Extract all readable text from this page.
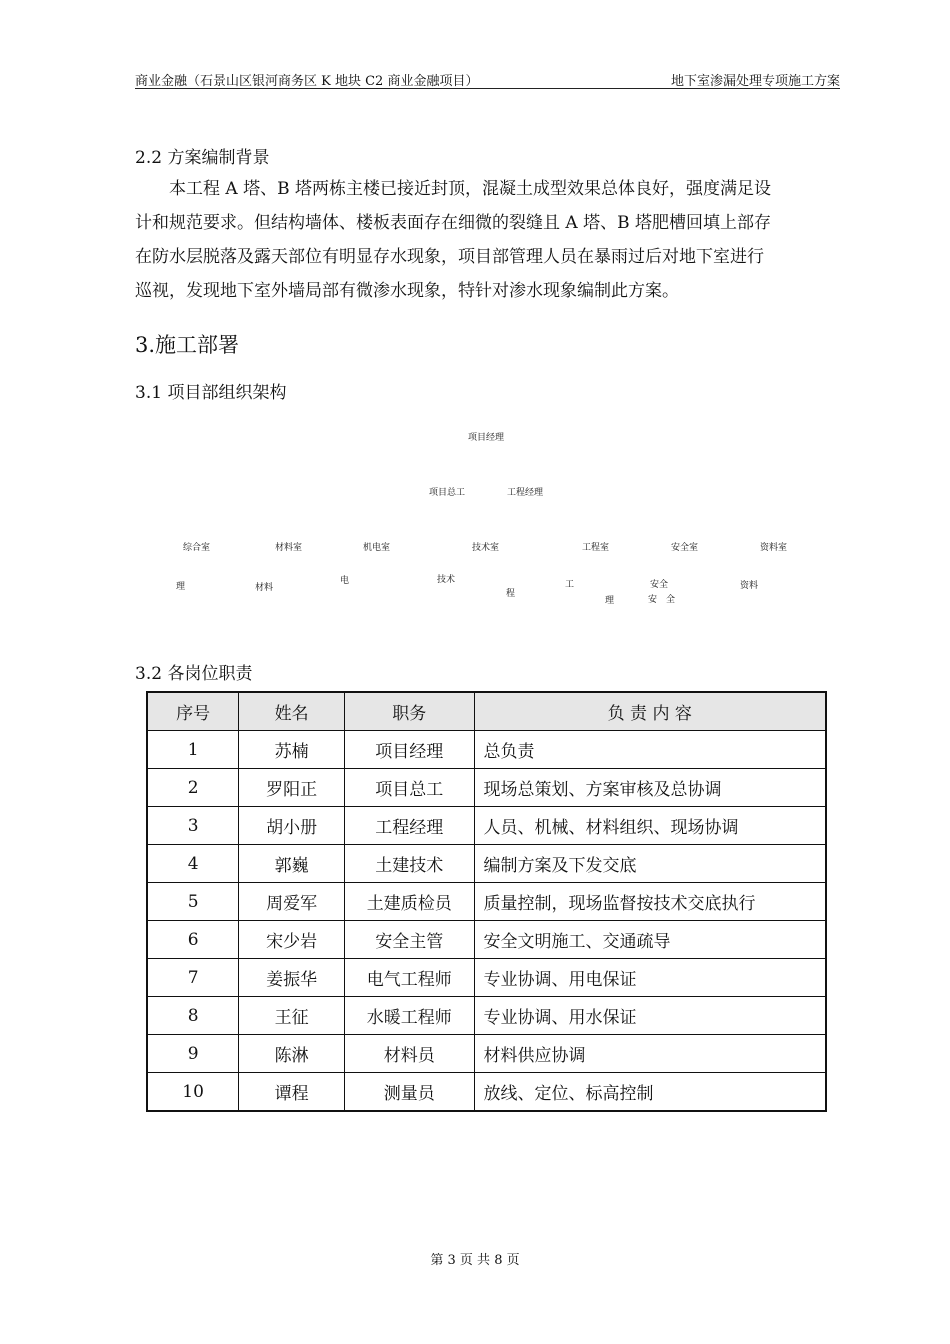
商业金融（石景山区银河商务区 K 地块 C2 商业金融项目）	地下室渗漏处理专项施工方案
2.2 方案编制背景
本工程 A 塔、B 塔两栋主楼已接近封顶，混凝土成型效果总体良好，强度满足设
计和规范要求。但结构墙体、楼板表面存在细微的裂缝且 A 塔、B 塔肥槽回填上部存
在防水层脱落及露天部位有明显存水现象，项目部管理人员在暴雨过后对地下室进行
巡视，发现地下室外墙局部有微渗水现象，特针对渗水现象编制此方案。
3.施工部署
3.1 项目部组织架构
项目经理
项目总工	工程经理
综合室	材料室	机电室	技术室	工程室	安全室	资料室
理	材料
电	技术
程
工
理
安全
安　全
资料
3.2 各岗位职责
序号	姓名	职务	负 责 内 容
1	苏楠	项目经理	总负责
2	罗阳正	项目总工	现场总策划、方案审核及总协调
3	胡小册	工程经理	人员、机械、材料组织、现场协调
4	郭巍	土建技术	编制方案及下发交底
5	周爱军	土建质检员	质量控制，现场监督按技术交底执行
6	宋少岩	安全主管	安全文明施工、交通疏导
7	姜振华	电气工程师	专业协调、用电保证
8	王征	水暖工程师	专业协调、用水保证
9	陈淋	材料员	材料供应协调
10	谭程	测量员	放线、定位、标高控制
第 3 页 共 8 页
